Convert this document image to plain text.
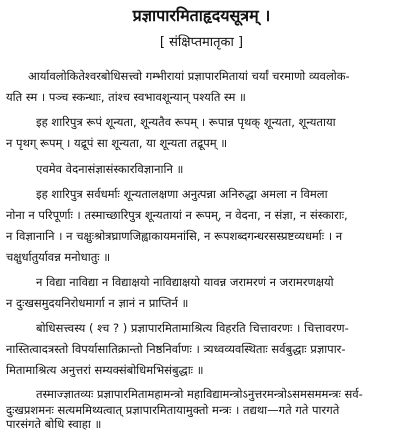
प्रज्ञापारमिताहृदयसूत्रम् ।
[ संक्षिप्तमातृका ]
आर्यावलोकितेश्वरबोधिसत्त्वो गम्भीरायां प्रज्ञापारमितायां चर्यां चरमाणो व्यवलोक-
यति स्म । पञ्च स्कन्धाः, तांश्च स्वभावशून्यान् पश्यति स्म ॥
इह शारिपुत्र रूपं शून्यता, शून्यतैव रूपम् । रूपान्न पृथक् शून्यता, शून्यताया
न पृथग् रूपम् । यद्रूपं सा शून्यता, या शून्यता तद्रूपम् ॥
एवमेव वेदनासंज्ञासंस्कारविज्ञानानि ॥
इह शारिपुत्र सर्वधर्माः शून्यतालक्षणा अनुत्पन्ना अनिरुद्धा अमला न विमला
नोना न परिपूर्णाः । तस्माच्छारिपुत्र शून्यतायां न रूपम्, न वेदना, न संज्ञा, न संस्काराः,
न विज्ञानानि । न चक्षुःश्रोत्रघ्राणजिह्वाकायमनांसि, न रूपशब्दगन्धरसस्प्रष्टव्यधर्माः । न
चक्षुर्धातुर्यावन्न मनोधातुः ॥
न विद्या नाविद्या न विद्याक्षयो नाविद्याक्षयो यावन्न जरामरणं न जरामरणक्षयो
न दुःखसमुदयनिरोधमार्गा न ज्ञानं न प्राप्तिर्न ॥
बोधिसत्त्वस्य ( श्च ? ) प्रज्ञापारमितामाश्रित्य विहरति चित्तावरणः । चित्तावरण-
नास्तित्वादत्रस्तो विपर्यासातिक्रान्तो निष्ठनिर्वाणः । त्र्यध्वव्यवस्थिताः सर्वबुद्धाः प्रज्ञापार-
मितामाश्रित्य अनुत्तरां सम्यक्संबोधिमभिसंबुद्धाः ॥
तस्माज्ज्ञातव्यः प्रज्ञापारमितामहामन्त्रो महाविद्यामन्त्रोऽनुत्तरमन्त्रोऽसमसममन्त्रः सर्व-
दुःखप्रशमनः सत्यममिथ्यत्वात् प्रज्ञापारमितायामुक्तो मन्त्रः । तद्यथा—गते गते पारगते
पारसंगते बोधि स्वाहा ॥
